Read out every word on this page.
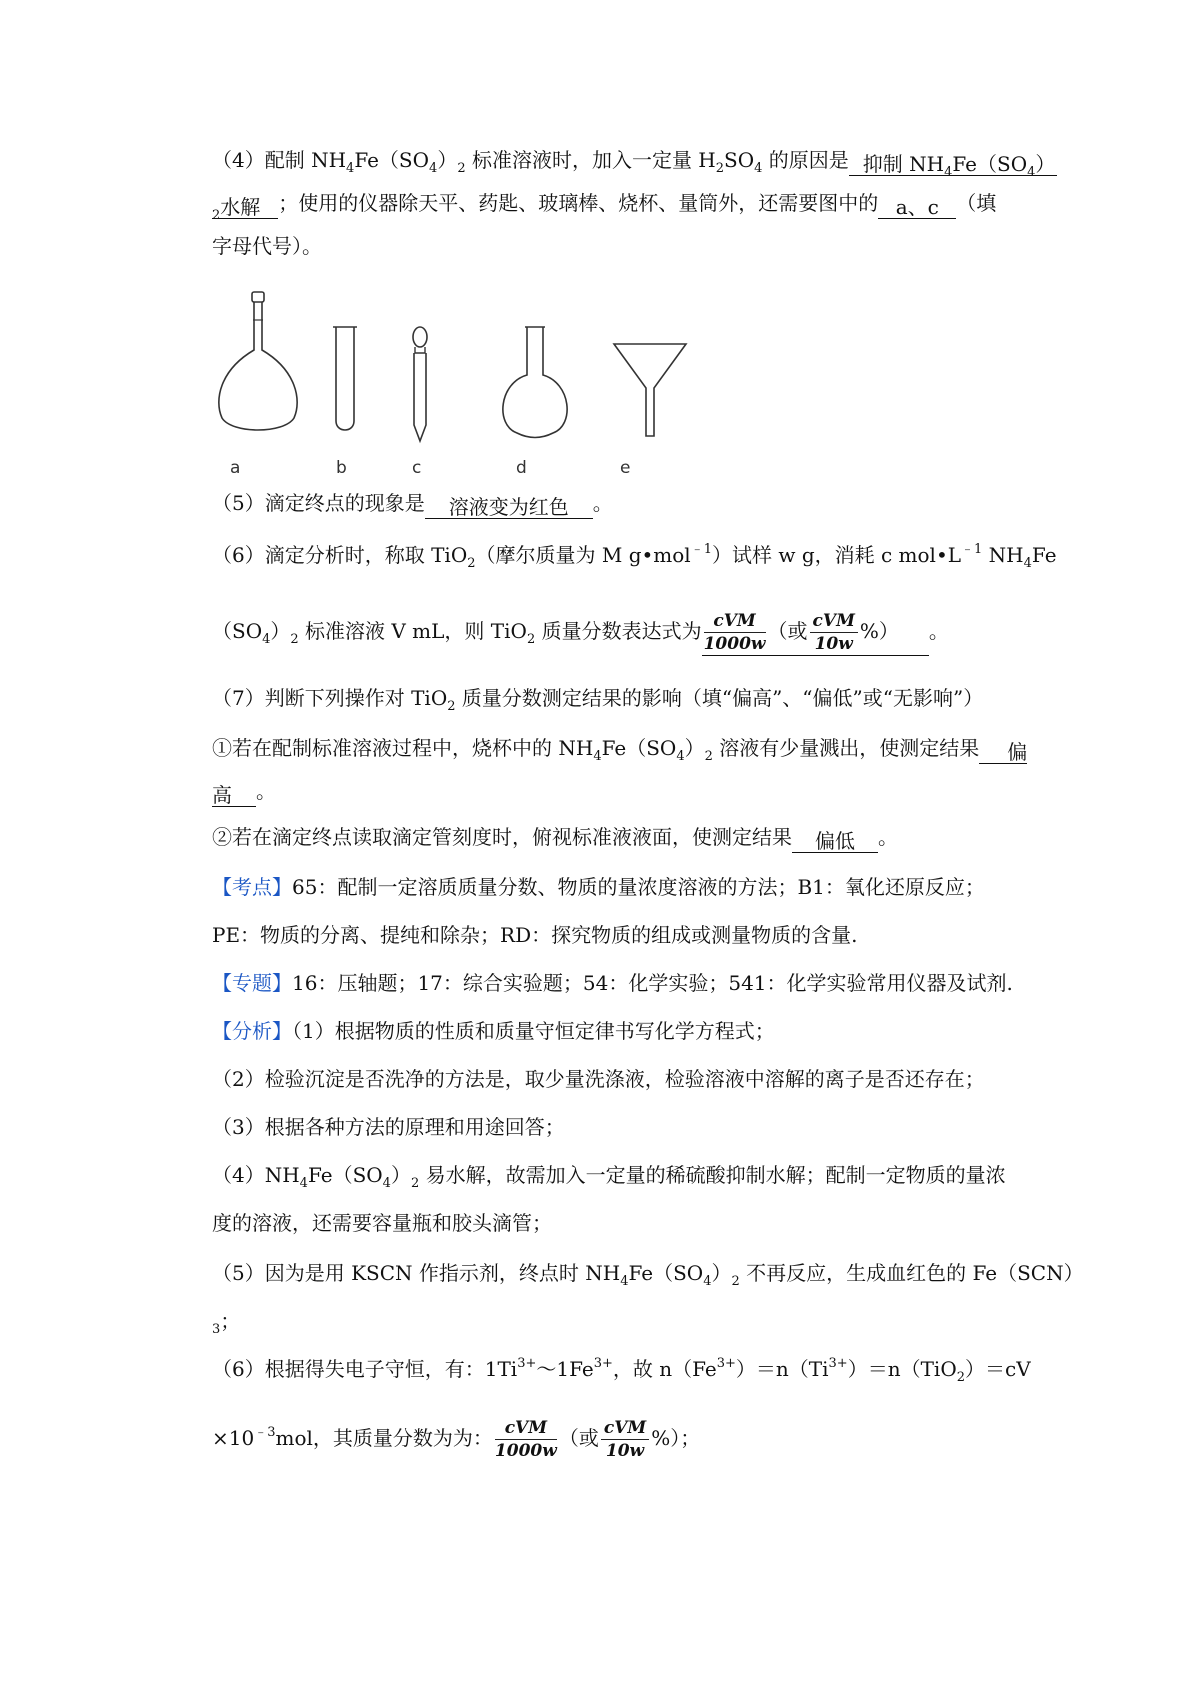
（4）配制 $NH_4Fe(SO_4)_2$ 标准溶液时，加入一定量 $H_2SO_4$ 的原因是 抑制 $NH_4Fe(SO_4)$
$_2$水解 ；使用的仪器除天平、药匙、玻璃棒、烧杯、量筒外，还需要图中的 a、c （填
字母代号）。
a	b	c	d	e
（5）滴定终点的现象是 溶液变为红色 。
（6）滴定分析时，称取 TiO$_2$（摩尔质量为 M g•mol$^{﹣1}$）试样 w g，消耗 c $mol•L^{﹣1}$ $NH_4Fe$
$(SO_4)_2$ 标准溶液 V mL，则 TiO$_2$ 质量分数表达式为 $\frac{\text{cVM}}{1000w}$ （或 $\frac{\text{cVM}}{10w}$ %） 。
（7）判断下列操作对 TiO$_2$ 质量分数测定结果的影响（填“偏高”、“偏低”或“无影响”）
①若在配制标准溶液过程中，烧杯中的 $NH_4Fe(SO_4)_2$ 溶液有少量溅出，使测定结果 偏
高 。
②若在滴定终点读取滴定管刻度时，俯视标准液液面，使测定结果 偏低 。
【考点】65：配制一定溶质质量分数、物质的量浓度溶液的方法；B1：氧化还原反应；
PE：物质的分离、提纯和除杂；RD：探究物质的组成或测量物质的含量.
【专题】16：压轴题；17：综合实验题；54：化学实验；541：化学实验常用仪器及试剂.
【分析】（1）根据物质的性质和质量守恒定律书写化学方程式；
（2）检验沉淀是否洗净的方法是，取少量洗涤液，检验溶液中溶解的离子是否还存在；
（3）根据各种方法的原理和用途回答；
$(4)NH_4Fe(SO_4)_2$ 易水解，故需加入一定量的稀硫酸抑制水解；配制一定物质的量浓
度的溶液，还需要容量瓶和胶头滴管；
（5）因为是用 KSCN 作指示剂，终点时 $NH_4Fe(SO_4)_2$ 不再反应，生成血红色的 Fe（SCN）
$_3$；
（6）根据得失电子守恒，有：$1Ti^{3+}\sim 1Fe^{3+}$，故 $n(Fe^{3+})=n(Ti^{3+})=n(TiO_2)=cV$
$\times 10^{﹣3}mol$，其质量分数为为： $\frac{\text{cVM}}{1000w}$ （或 $\frac{\text{cVM}}{10w}$ %）；
